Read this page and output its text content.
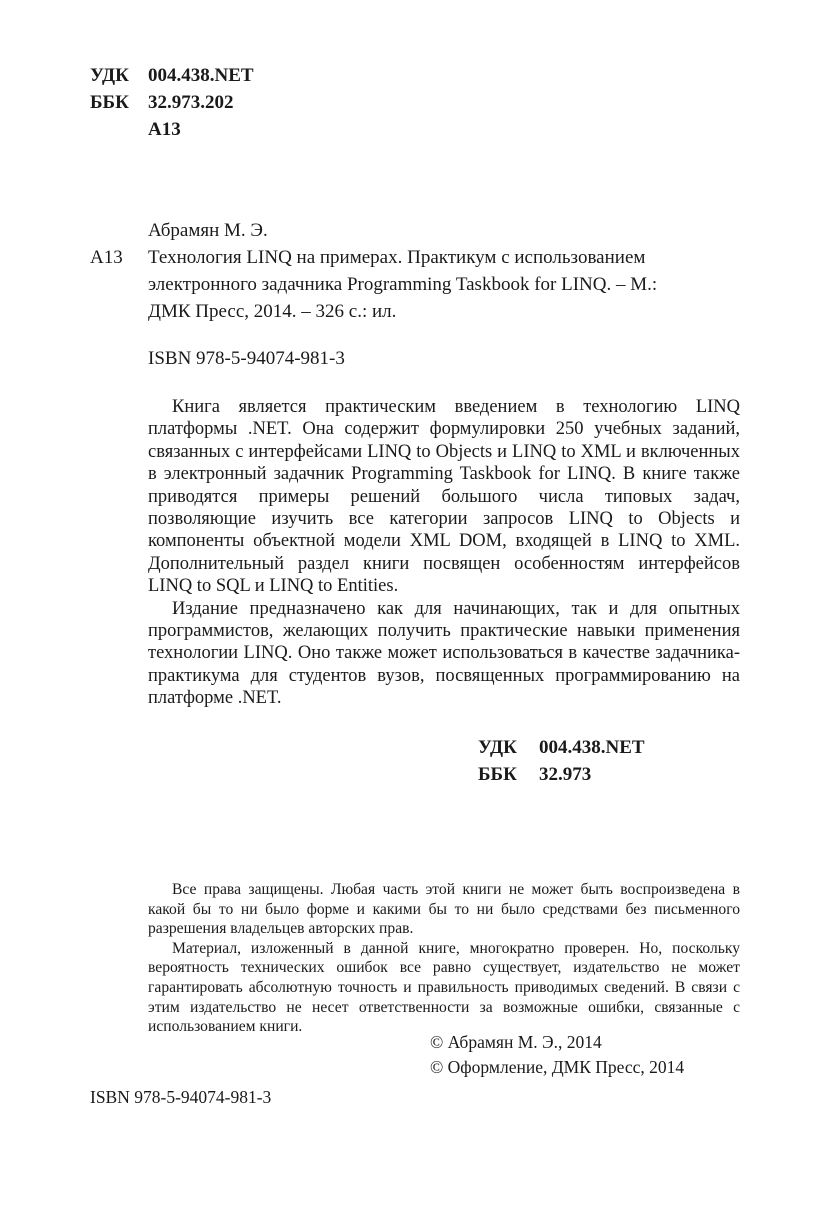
УДК 004.438.NET
ББК 32.973.202
А13
Абрамян М. Э.
А13 Технология LINQ на примерах. Практикум с использованием
электронного задачника Programming Taskbook for LINQ. – М.:
ДМК Пресс, 2014. – 326 с.: ил.
ISBN 978-5-94074-981-3

Книга является практическим введением в технологию LINQ платформы .NET. Она содержит формулировки 250 учебных заданий, связанных с интерфейсами LINQ to Objects и LINQ to XML и включенных в электронный задачник Programming Taskbook for LINQ. В книге также приводятся примеры решений большого числа типовых задач, позволяющие изучить все категории запросов LINQ to Objects и компоненты объектной модели XML DOM, входящей в LINQ to XML. Дополнительный раздел книги посвящен особенностям интерфейсов LINQ to SQL и LINQ to Entities.

Издание предназначено как для начинающих, так и для опытных программистов, желающих получить практические навыки применения технологии LINQ. Оно также может использоваться в качестве задачника-практикума для студентов вузов, посвященных программированию на платформе .NET.

УДК 004.438.NET
ББК 32.973

Все права защищены. Любая часть этой книги не может быть воспроизведена в какой бы то ни было форме и какими бы то ни было средствами без письменного разрешения владельцев авторских прав.

Материал, изложенный в данной книге, многократно проверен. Но, поскольку вероятность технических ошибок все равно существует, издательство не может гарантировать абсолютную точность и правильность приводимых сведений. В связи с этим издательство не несет ответственности за возможные ошибки, связанные с использованием книги.

© Абрамян М. Э., 2014
© Оформление, ДМК Пресс, 2014
ISBN 978-5-94074-981-3
